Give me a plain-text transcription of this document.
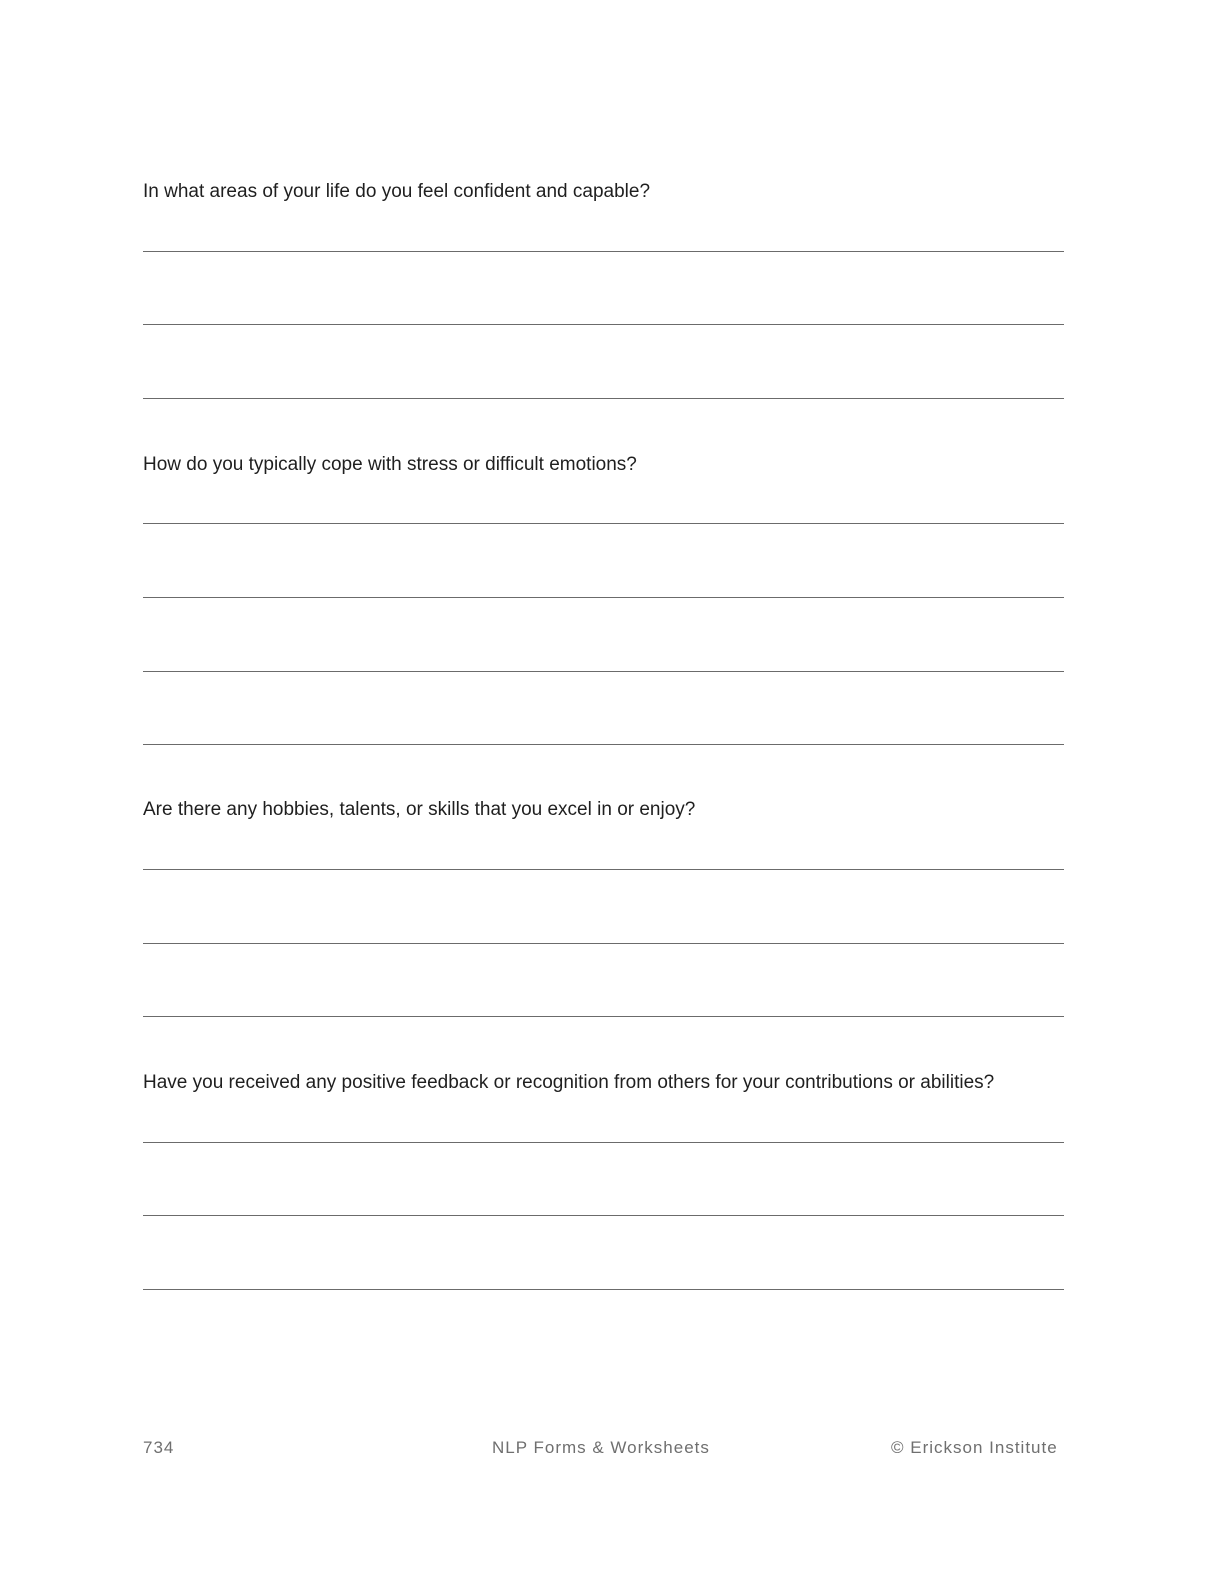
In what areas of your life do you feel confident and capable?
How do you typically cope with stress or difficult emotions?
Are there any hobbies, talents, or skills that you excel in or enjoy?
Have you received any positive feedback or recognition from others for your contributions or abilities?
734	NLP Forms & Worksheets	© Erickson Institute
